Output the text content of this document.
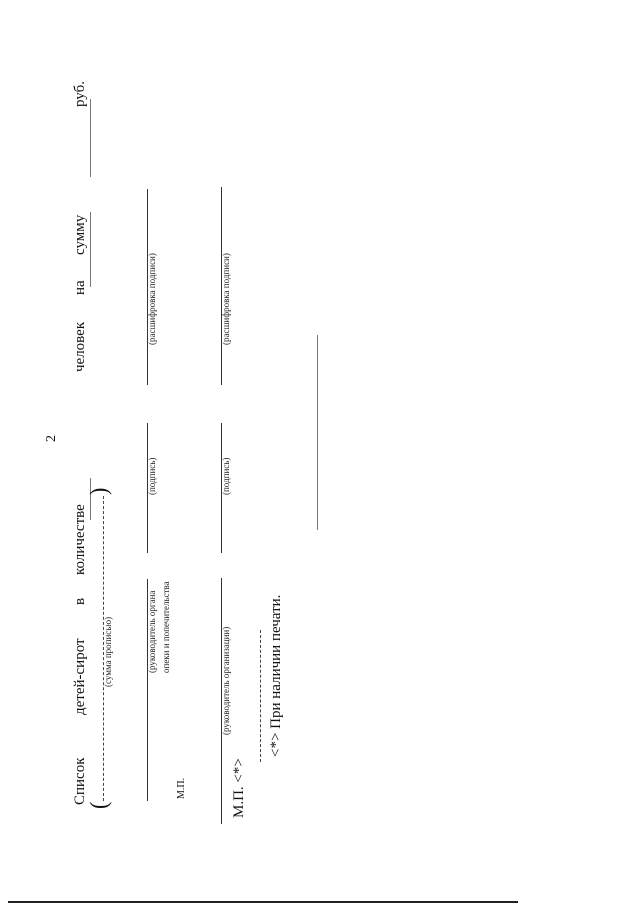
2
Список
детей-сирот
в
количестве
человек
на
сумму
руб.
(
)
(сумма прописью)	(руководитель органа опеки и попечительства
(подпись)
(расшифровка подписи)
М.П.
(руководитель организации)
(подпись)
(расшифровка подписи)
М.П. <*>
<*> При наличии печати.
